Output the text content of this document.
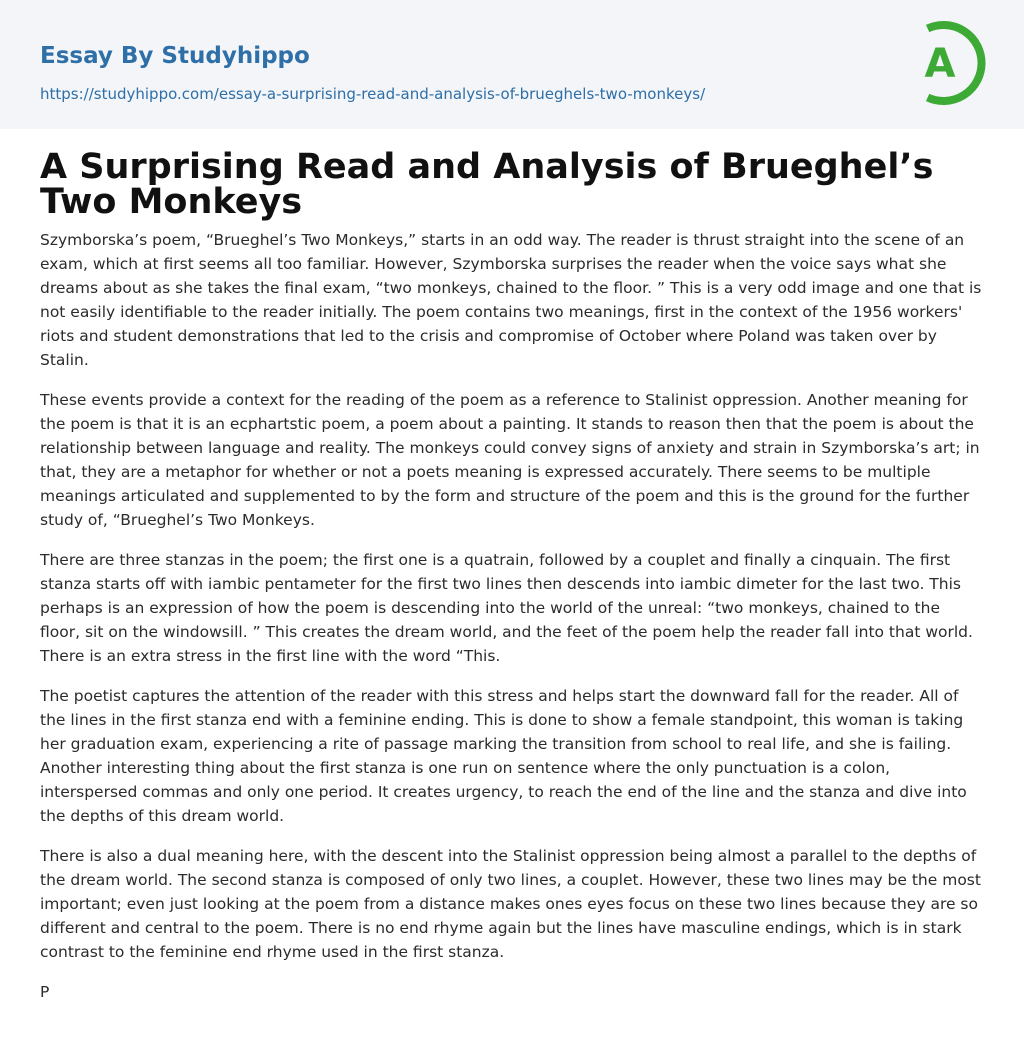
Essay By Studyhippo
https://studyhippo.com/essay-a-surprising-read-and-analysis-of-brueghels-two-monkeys/
A
A Surprising Read and Analysis of Brueghel’s Two Monkeys

Szymborska’s poem, “Brueghel’s Two Monkeys,” starts in an odd way. The reader is thrust straight into the scene of an exam, which at first seems all too familiar. However, Szymborska surprises the reader when the voice says what she dreams about as she takes the final exam, “two monkeys, chained to the floor. ” This is a very odd image and one that is not easily identifiable to the reader initially. The poem contains two meanings, first in the context of the 1956 workers' riots and student demonstrations that led to the crisis and compromise of October where Poland was taken over by Stalin.

These events provide a context for the reading of the poem as a reference to Stalinist oppression. Another meaning for the poem is that it is an ecphartstic poem, a poem about a painting. It stands to reason then that the poem is about the relationship between language and reality. The monkeys could convey signs of anxiety and strain in Szymborska’s art; in that, they are a metaphor for whether or not a poets meaning is expressed accurately. There seems to be multiple meanings articulated and supplemented to by the form and structure of the poem and this is the ground for the further study of, “Brueghel’s Two Monkeys.

There are three stanzas in the poem; the first one is a quatrain, followed by a couplet and finally a cinquain. The first stanza starts off with iambic pentameter for the first two lines then descends into iambic dimeter for the last two. This perhaps is an expression of how the poem is descending into the world of the unreal: “two monkeys, chained to the floor, sit on the windowsill. ” This creates the dream world, and the feet of the poem help the reader fall into that world. There is an extra stress in the first line with the word “This.

The poetist captures the attention of the reader with this stress and helps start the downward fall for the reader. All of the lines in the first stanza end with a feminine ending. This is done to show a female standpoint, this woman is taking her graduation exam, experiencing a rite of passage marking the transition from school to real life, and she is failing. Another interesting thing about the first stanza is one run on sentence where the only punctuation is a colon, interspersed commas and only one period. It creates urgency, to reach the end of the line and the stanza and dive into the depths of this dream world.

There is also a dual meaning here, with the descent into the Stalinist oppression being almost a parallel to the depths of the dream world. The second stanza is composed of only two lines, a couplet. However, these two lines may be the most important; even just looking at the poem from a distance makes ones eyes focus on these two lines because they are so different and central to the poem. There is no end rhyme again but the lines have masculine endings, which is in stark contrast to the feminine end rhyme used in the first stanza.

P
